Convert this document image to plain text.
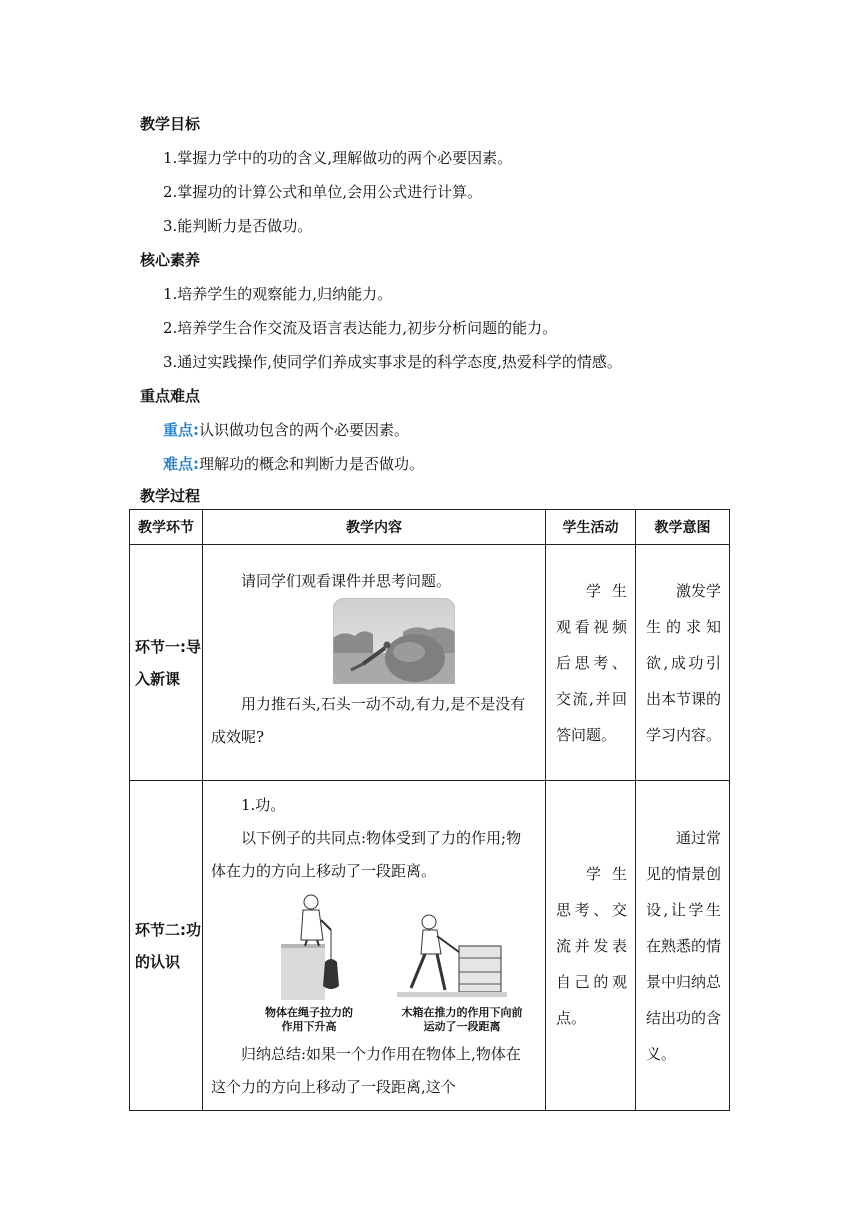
教学目标
1.掌握力学中的功的含义,理解做功的两个必要因素。
2.掌握功的计算公式和单位,会用公式进行计算。
3.能判断力是否做功。
核心素养
1.培养学生的观察能力,归纳能力。
2.培养学生合作交流及语言表达能力,初步分析问题的能力。
3.通过实践操作,使同学们养成实事求是的科学态度,热爱科学的情感。
重点难点
重点:认识做功包含的两个必要因素。
难点:理解功的概念和判断力是否做功。
教学过程
教学环节	教学内容	学生活动	教学意图
环节一:导入新课	请同学们观看课件并思考问题。

用力推石头,石头一动不动,有力,是不是没有成效呢?	学生观看视频后思考、交流,并回答问题。	激发学生的求知欲,成功引出本节课的学习内容。

环节二:功的认识	1.功。

以下例子的共同点:物体受到了力的作用;物体在力的方向上移动了一段距离。

物体在绳子拉力的作用下升高
木箱在推力的作用下向前运动了一段距离

归纳总结:如果一个力作用在物体上,物体在这个力的方向上移动了一段距离,这个	学生思考、交流并发表自己的观点。	通过常见的情景创设,让学生在熟悉的情景中归纳总结出功的含义。
